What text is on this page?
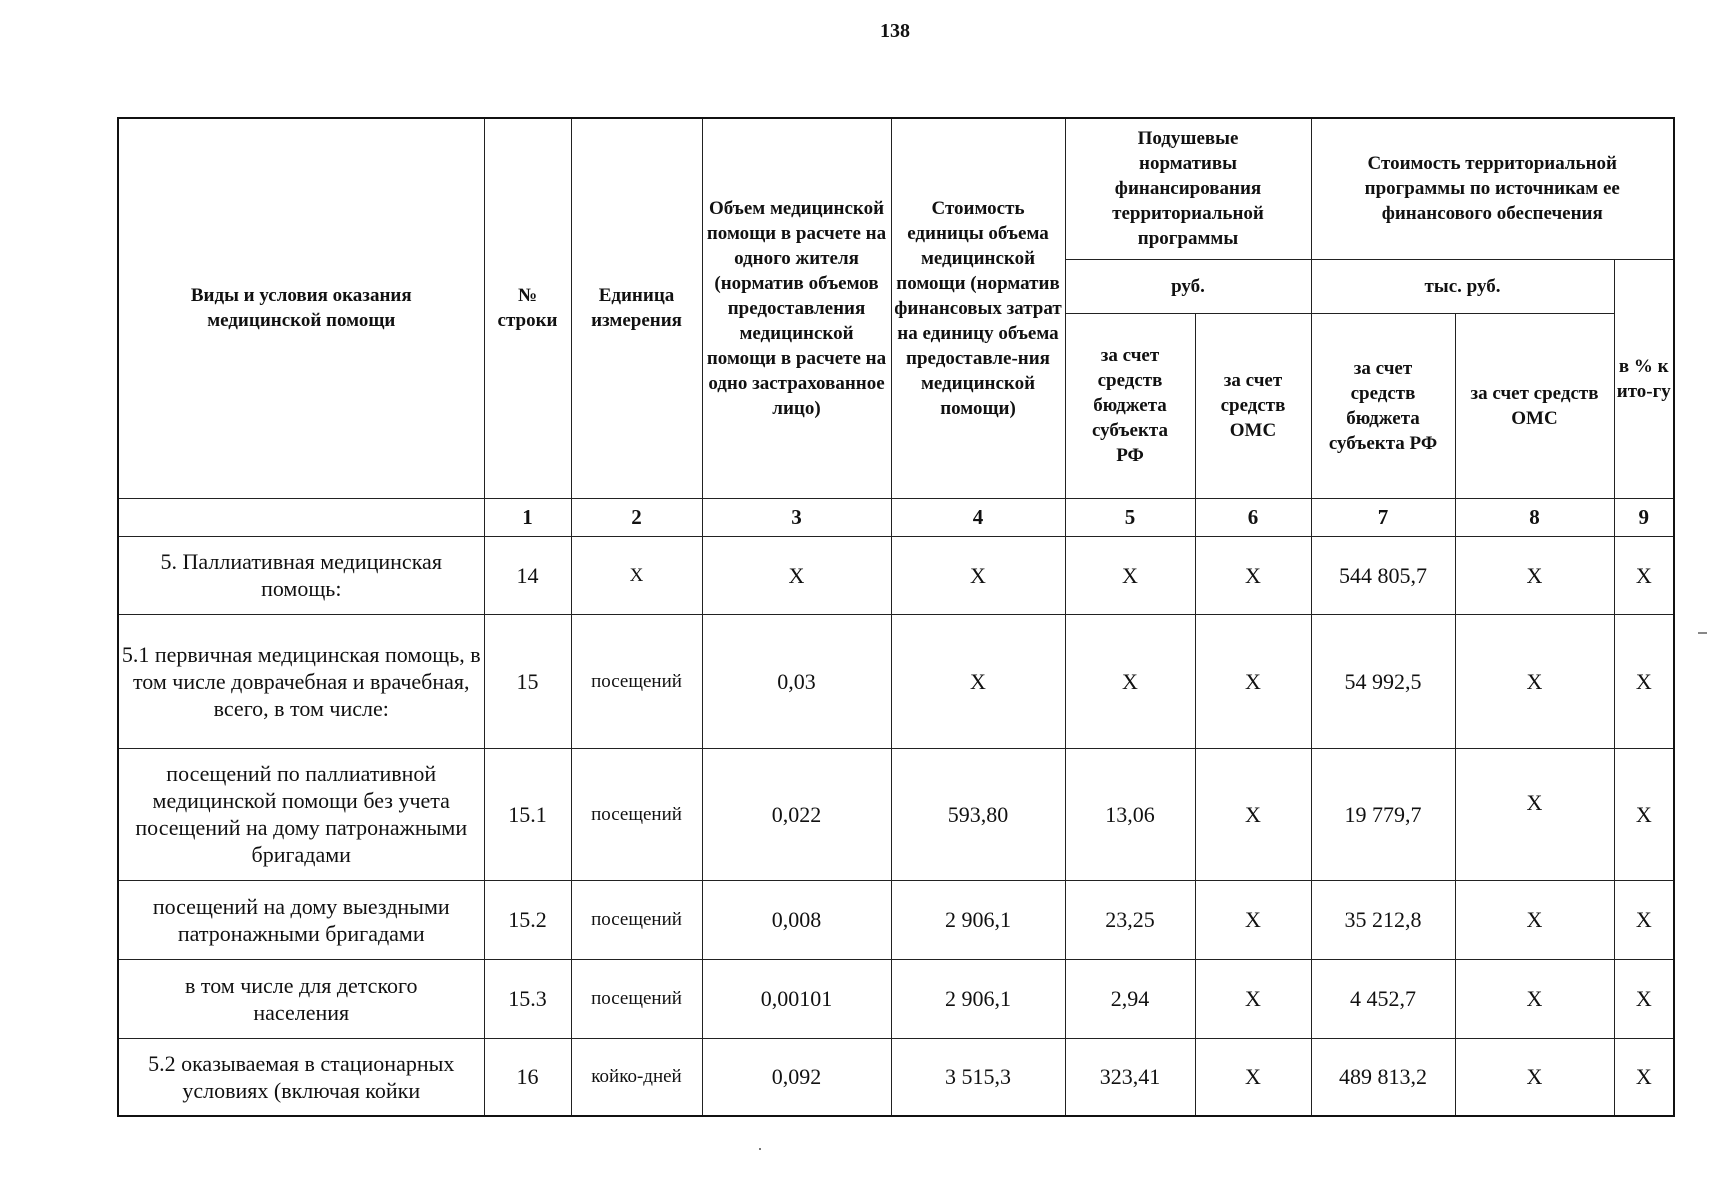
138
Виды и условия оказания медицинской помощи	№ строки	Единица измерения	Объем медицинской помощи в расчете на одного жителя (норматив объемов предоставления медицинской помощи в расчете на одно застрахованное лицо)	Стоимость единицы объема медицинской помощи (норматив финансовых затрат на единицу объема предоставле-ния медицинской помощи)	Подушевые нормативы финансирования территориальной программы		Стоимость территориальной программы по источникам ее финансового обеспечения		
					руб.		тыс. руб.		в % к ито-гу
					за счет средств бюджета субъекта РФ	за счет средств ОМС	за счет средств бюджета субъекта РФ	за счет средств ОМС	
	1	2	3	4	5	6	7	8	9
5. Паллиативная медицинская помощь:	14	Х	Х	Х	Х	Х	544 805,7	Х	Х
5.1 первичная медицинская помощь, в том числе доврачебная и врачебная, всего, в том числе:	15	посещений	0,03	Х	Х	Х	54 992,5	Х	Х
посещений по паллиативной медицинской помощи без учета посещений на дому патронажными бригадами	15.1	посещений	0,022	593,80	13,06	Х	19 779,7	Х	Х
посещений на дому выездными патронажными бригадами	15.2	посещений	0,008	2 906,1	23,25	Х	35 212,8	Х	Х
в том числе для детского населения	15.3	посещений	0,00101	2 906,1	2,94	Х	4 452,7	Х	Х
5.2 оказываемая в стационарных условиях (включая койки	16	койко-дней	0,092	3 515,3	323,41	Х	489 813,2	Х	Х
